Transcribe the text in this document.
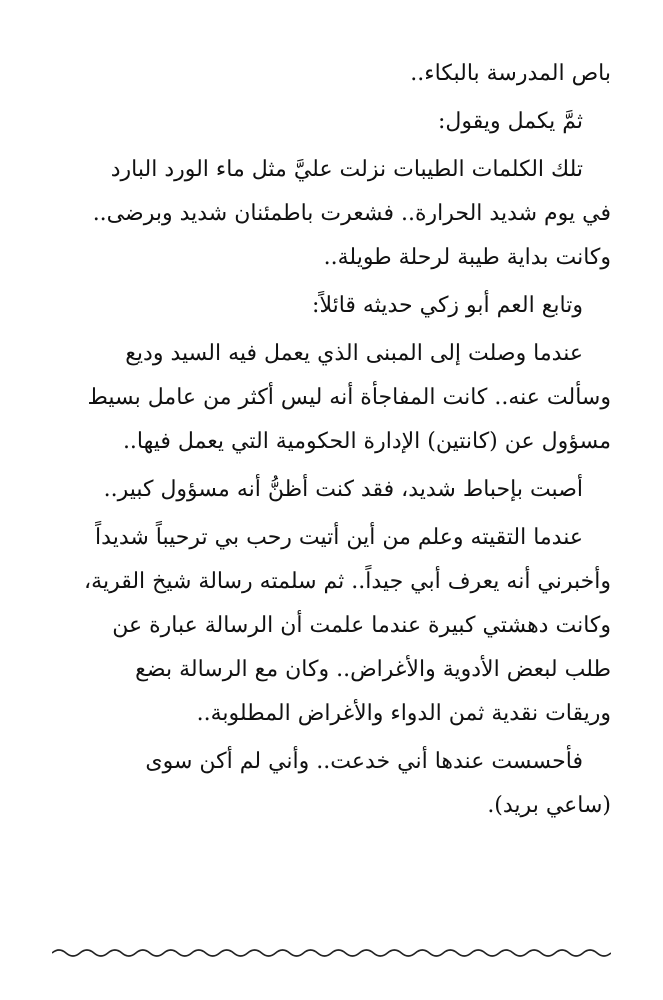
باص المدرسة بالبكاء..

ثمَّ يكمل ويقول:

تلك الكلمات الطيبات نزلت عليَّ مثل ماء الورد البارد
في يوم شديد الحرارة.. فشعرت باطمئنان شديد وبرضى..
وكانت بداية طيبة لرحلة طويلة..

وتابع العم أبو زكي حديثه قائلاً:

عندما وصلت إلى المبنى الذي يعمل فيه السيد وديع
وسألت عنه.. كانت المفاجأة أنه ليس أكثر من عامل بسيط
مسؤول عن (كانتين) الإدارة الحكومية التي يعمل فيها..

أصبت بإحباط شديد، فقد كنت أظنُّ أنه مسؤول كبير..

عندما التقيته وعلم من أين أتيت رحب بي ترحيباً شديداً
وأخبرني أنه يعرف أبي جيداً.. ثم سلمته رسالة شيخ القرية،
وكانت دهشتي كبيرة عندما علمت أن الرسالة عبارة عن
طلب لبعض الأدوية والأغراض.. وكان مع الرسالة بضع
وريقات نقدية ثمن الدواء والأغراض المطلوبة..

فأحسست عندها أني خدعت.. وأني لم أكن سوى
(ساعي بريد).
